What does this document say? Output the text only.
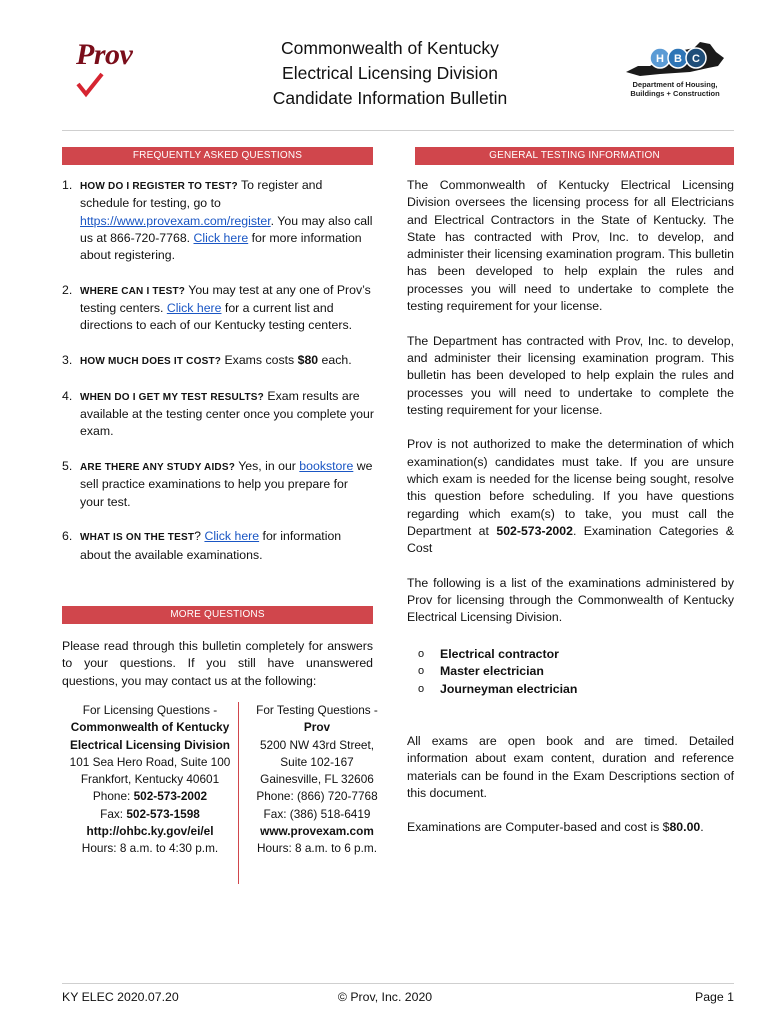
Prov	Commonwealth of Kentucky
Electrical Licensing Division
Candidate Information Bulletin
H B C
Department of Housing,
Buildings + Construction
FREQUENTLY ASKED QUESTIONS
1. HOW DO I REGISTER TO TEST? To register and schedule for testing, go to https://www.provexam.com/register. You may also call us at 866-720-7768. Click here for more information about registering.
2. WHERE CAN I TEST? You may test at any one of Prov’s testing centers. Click here for a current list and directions to each of our Kentucky testing centers.
3. HOW MUCH DOES IT COST? Exams costs $80 each.
4. WHEN DO I GET MY TEST RESULTS? Exam results are available at the testing center once you complete your exam.
5. ARE THERE ANY STUDY AIDS? Yes, in our bookstore we sell practice examinations to help you prepare for your test.
6. WHAT IS ON THE TEST? Click here for information about the available examinations.
MORE QUESTIONS
Please read through this bulletin completely for answers to your questions. If you still have unanswered questions, you may contact us at the following:
For Licensing Questions -
Commonwealth of Kentucky
Electrical Licensing Division
101 Sea Hero Road, Suite 100
Frankfort, Kentucky 40601
Phone: 502-573-2002
Fax: 502-573-1598
http://ohbc.ky.gov/ei/el
Hours: 8 a.m. to 4:30 p.m.
For Testing Questions -
Prov
5200 NW 43rd Street,
Suite 102-167
Gainesville, FL 32606
Phone: (866) 720-7768
Fax: (386) 518-6419
www.provexam.com
Hours: 8 a.m. to 6 p.m.
GENERAL TESTING INFORMATION

The Commonwealth of Kentucky Electrical Licensing Division oversees the licensing process for all Electricians and Electrical Contractors in the State of Kentucky. The State has contracted with Prov, Inc. to develop, and administer their licensing examination program. This bulletin has been developed to help explain the rules and processes you will need to undertake to complete the testing requirement for your license.

The Department has contracted with Prov, Inc. to develop, and administer their licensing examination program. This bulletin has been developed to help explain the rules and processes you will need to undertake to complete the testing requirement for your license.

Prov is not authorized to make the determination of which examination(s) candidates must take. If you are unsure which exam is needed for the license being sought, resolve this question before scheduling. If you have questions regarding which exam(s) to take, you must call the Department at 502-573-2002. Examination Categories & Cost

The following is a list of the examinations administered by Prov for licensing through the Commonwealth of Kentucky Electrical Licensing Division.

o	Electrical contractor
o	Master electrician
o	Journeyman electrician

All exams are open book and are timed. Detailed information about exam content, duration and reference materials can be found in the Exam Descriptions section of this document.

Examinations are Computer-based and cost is $80.00.

KY ELEC 2020.07.20	© Prov, Inc. 2020	Page 1
